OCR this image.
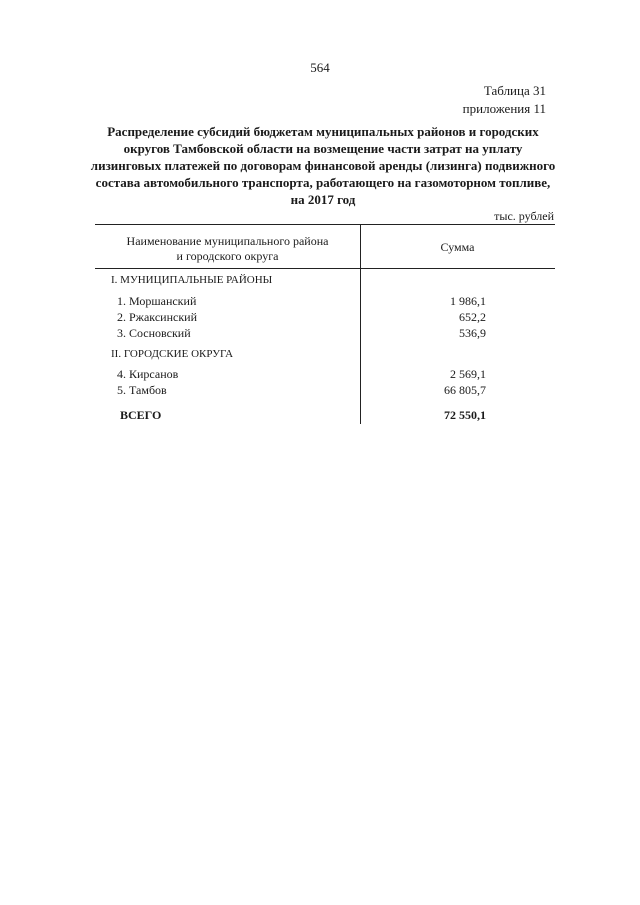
564
Таблица 31
приложения 11
Распределение субсидий бюджетам муниципальных районов и городских
округов Тамбовской области на возмещение части затрат на уплату
лизинговых платежей по договорам финансовой аренды (лизинга) подвижного
состава автомобильного транспорта, работающего на газомоторном топливе,
на 2017 год
тыс. рублей
Наименование муниципального района
и городского округа
Сумма
I. МУНИЦИПАЛЬНЫЕ РАЙОНЫ
1. Моршанский	1 986,1
2. Ржаксинский	652,2
3. Сосновский	536,9
II. ГОРОДСКИЕ ОКРУГА
4. Кирсанов	2 569,1
5. Тамбов	66 805,7
ВСЕГО	72 550,1
